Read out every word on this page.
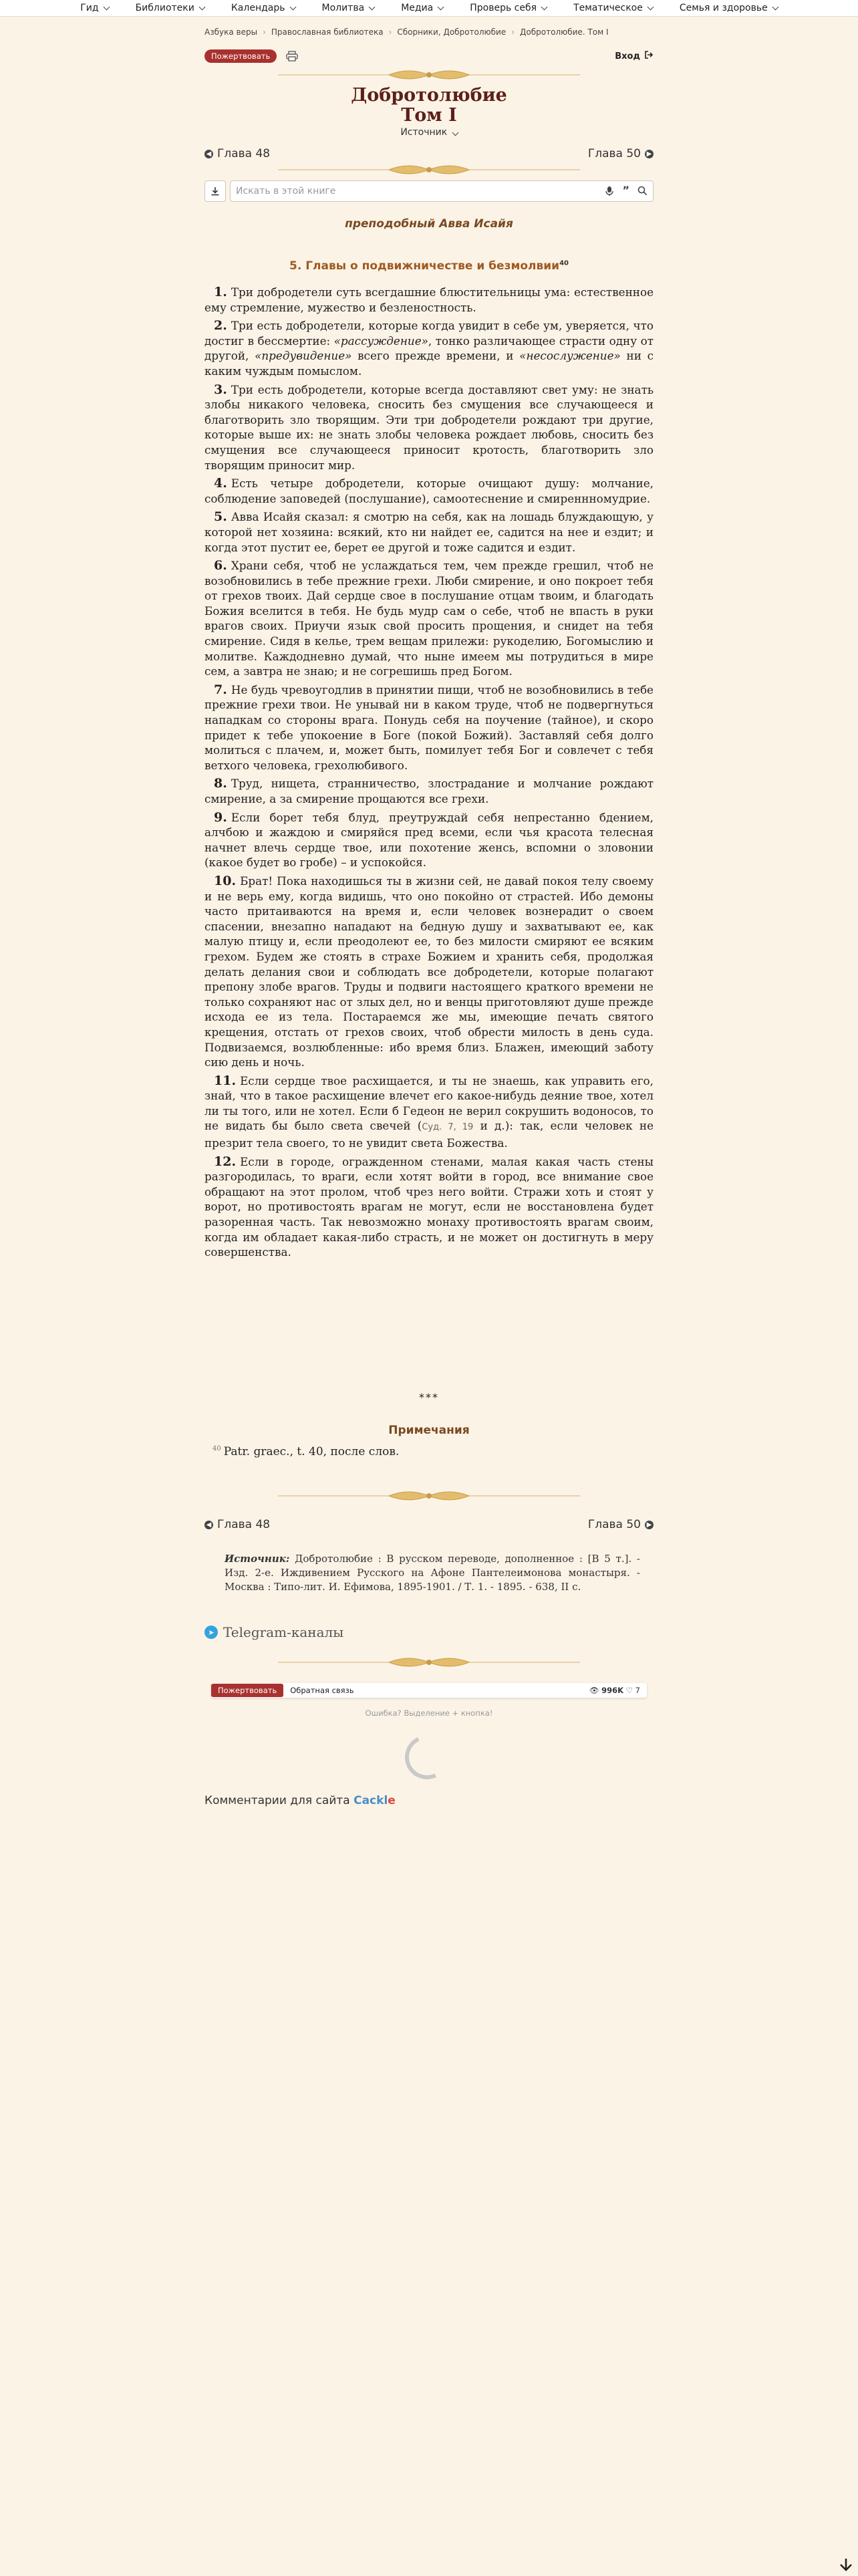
Гид	Библиотеки	Календарь	Молитва	Медиа	Проверь себя	Тематическое	Семья и здоровье
Азбука веры › Православная библиотека › Сборники, Добротолюбие › Добротолюбие. Том I
Пожертвовать	Вход
Добротолюбие
Том I
Источник
◀ Глава 48	Глава 50 ▶
Искать в этой книге	”
преподобный Авва Исайя
5. Главы о подвижничестве и безмолвии$^{40}$

1. Три добродетели суть всегдашние блюстительницы ума: естественное ему стремление, мужество и безленостность.

2. Три есть добродетели, которые когда увидит в себе ум, уверяется, что достиг в бессмертие: «рассуждение», тонко различающее страсти одну от другой, «предувидение» всего прежде времени, и «несослужение» ни с каким чуждым помыслом.

3. Три есть добродетели, которые всегда доставляют свет уму: не знать злобы никакого человека, сносить без смущения все случающееся и благотворить зло творящим. Эти три добродетели рождают три другие, которые выше их: не знать злобы человека рождает любовь, сносить без смущения все случающееся приносит кротость, благотворить зло творящим приносит мир.

4. Есть четыре добродетели, которые очищают душу: молчание, соблюдение заповедей (послушание), самоотеснение и смиреннномудрие.

5. Авва Исайя сказал: я смотрю на себя, как на лошадь блуждающую, у которой нет хозяина: всякий, кто ни найдет ее, садится на нее и ездит; и когда этот пустит ее, берет ее другой и тоже садится и ездит.

6. Храни себя, чтоб не услаждаться тем, чем прежде грешил, чтоб не возобновились в тебе прежние грехи. Люби смирение, и оно покроет тебя от грехов твоих. Дай сердце свое в послушание отцам твоим, и благодать Божия вселится в тебя. Не будь мудр сам о себе, чтоб не впасть в руки врагов своих. Приучи язык свой просить прощения, и снидет на тебя смирение. Сидя в келье, трем вещам прилежи: рукоделию, Богомыслию и молитве. Каждодневно думай, что ныне имеем мы потрудиться в мире сем, а завтра не знаю; и не согрешишь пред Богом.

7. Не будь чревоугодлив в принятии пищи, чтоб не возобновились в тебе прежние грехи твои. Не унывай ни в каком труде, чтоб не подвергнуться нападкам со стороны врага. Понудь себя на поучение (тайное), и скоро придет к тебе упокоение в Боге (покой Божий). Заставляй себя долго молиться с плачем, и, может быть, помилует тебя Бог и совлечет с тебя ветхого человека, грехолюбивого.

8. Труд, нищета, странничество, злострадание и молчание рождают смирение, а за смирение прощаются все грехи.

9. Если борет тебя блуд, преутруждай себя непрестанно бдением, алчбою и жаждою и смиряйся пред всеми, если чья красота телесная начнет влечь сердце твое, или похотение женсь, вспомни о зловонии (какое будет во гробе) – и успокойся.

10. Брат! Пока находишься ты в жизни сей, не давай покоя телу своему и не верь ему, когда видишь, что оно покойно от страстей. Ибо демоны часто притаиваются на время и, если человек вознерадит о своем спасении, внезапно нападают на бедную душу и захватывают ее, как малую птицу и, если преодолеют ее, то без милости смиряют ее всяким грехом. Будем же стоять в страхе Божием и хранить себя, продолжая делать делания свои и соблюдать все добродетели, которые полагают препону злобе врагов. Труды и подвиги настоящего краткого времени не только сохраняют нас от злых дел, но и венцы приготовляют душе прежде исхода ее из тела. Постараемся же мы, имеющие печать святого крещения, отстать от грехов своих, чтоб обрести милость в день суда. Подвизаемся, возлюбленные: ибо время близ. Блажен, имеющий заботу сию день и ночь.

11. Если сердце твое расхищается, и ты не знаешь, как управить его, знай, что в такое расхищение влечет его какое-нибудь деяние твое, хотел ли ты того, или не хотел. Если б Гедеон не верил сокрушить водоносов, то не видать бы было света свечей (Суд. 7, 19 и д.): так, если человек не презрит тела своего, то не увидит света Божества.

12. Если в городе, огражденном стенами, малая какая часть стены разгородилась, то враги, если хотят войти в город, все внимание свое обращают на этот пролом, чтоб чрез него войти. Стражи хоть и стоят у ворот, но противостоять врагам не могут, если не восстановлена будет разоренная часть. Так невозможно монаху противостоять врагам своим, когда им обладает какая-либо страсть, и не может он достигнуть в меру совершенства.

***
Примечания
$^{40}$ Patr. graec., t. 40, после слов.
◀ Глава 48	Глава 50 ▶
Источник: Добротолюбие : В русском переводе, дополненное : [В 5 т.]. - Изд. 2-е. Иждивением Русского на Афоне Пантелеимонова монастыря. - Москва : Типо-лит. И. Ефимова, 1895-1901. / Т. 1. - 1895. - 638, II с.
➤ Telegram-каналы
Пожертвовать	Обратная связь	👁 996K ♡ 7
Ошибка? Выделение + кнопка!
Комментарии для сайта Cackle
